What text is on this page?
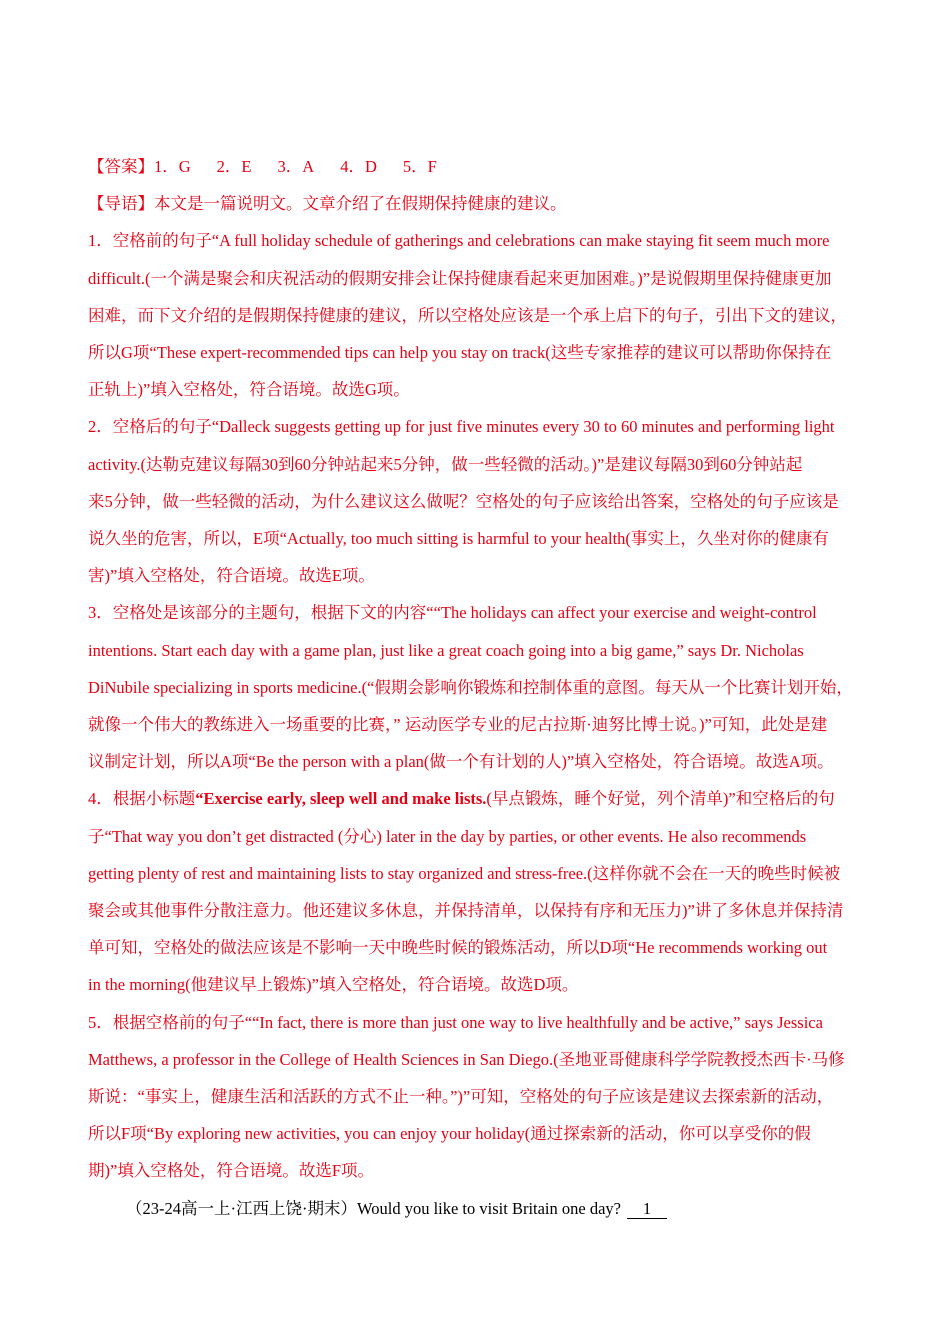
【答案】1．G 2．E 3．A 4．D 5．F
【导语】本文是一篇说明文。文章介绍了在假期保持健康的建议。
1．空格前的句子“A full holiday schedule of gatherings and celebrations can make staying fit seem much more
difficult.(一个满是聚会和庆祝活动的假期安排会让保持健康看起来更加困难。)”是说假期里保持健康更加
困难，而下文介绍的是假期保持健康的建议，所以空格处应该是一个承上启下的句子，引出下文的建议，
所以G项“These expert-recommended tips can help you stay on track(这些专家推荐的建议可以帮助你保持在
正轨上)”填入空格处，符合语境。故选G项。
2．空格后的句子“Dalleck suggests getting up for just five minutes every 30 to 60 minutes and performing light
activity.(达勒克建议每隔30到60分钟站起来5分钟，做一些轻微的活动。)”是建议每隔30到60分钟站起
来5分钟，做一些轻微的活动，为什么建议这么做呢？空格处的句子应该给出答案，空格处的句子应该是
说久坐的危害，所以，E项“Actually, too much sitting is harmful to your health(事实上，久坐对你的健康有
害)”填入空格处，符合语境。故选E项。
3．空格处是该部分的主题句，根据下文的内容““The holidays can affect your exercise and weight-control
intentions. Start each day with a game plan, just like a great coach going into a big game,” says Dr. Nicholas
DiNubile specializing in sports medicine.(“假期会影响你锻炼和控制体重的意图。每天从一个比赛计划开始，
就像一个伟大的教练进入一场重要的比赛，” 运动医学专业的尼古拉斯·迪努比博士说。)”可知，此处是建
议制定计划，所以A项“Be the person with a plan(做一个有计划的人)”填入空格处，符合语境。故选A项。
4．根据小标题“Exercise early, sleep well and make lists.(早点锻炼，睡个好觉，列个清单)”和空格后的句
子“That way you don’t get distracted (分心) later in the day by parties, or other events. He also recommends
getting plenty of rest and maintaining lists to stay organized and stress-free.(这样你就不会在一天的晚些时候被
聚会或其他事件分散注意力。他还建议多休息，并保持清单，以保持有序和无压力)”讲了多休息并保持清
单可知，空格处的做法应该是不影响一天中晚些时候的锻炼活动，所以D项“He recommends working out
in the morning(他建议早上锻炼)”填入空格处，符合语境。故选D项。
5．根据空格前的句子““In fact, there is more than just one way to live healthfully and be active,” says Jessica
Matthews, a professor in the College of Health Sciences in San Diego.(圣地亚哥健康科学学院教授杰西卡·马修
斯说：“事实上，健康生活和活跃的方式不止一种。”)”可知，空格处的句子应该是建议去探索新的活动，
所以F项“By exploring new activities, you can enjoy your holiday(通过探索新的活动，你可以享受你的假
期)”填入空格处，符合语境。故选F项。
（23-24高一上·江西上饶·期末）Would you like to visit Britain one day? 1
